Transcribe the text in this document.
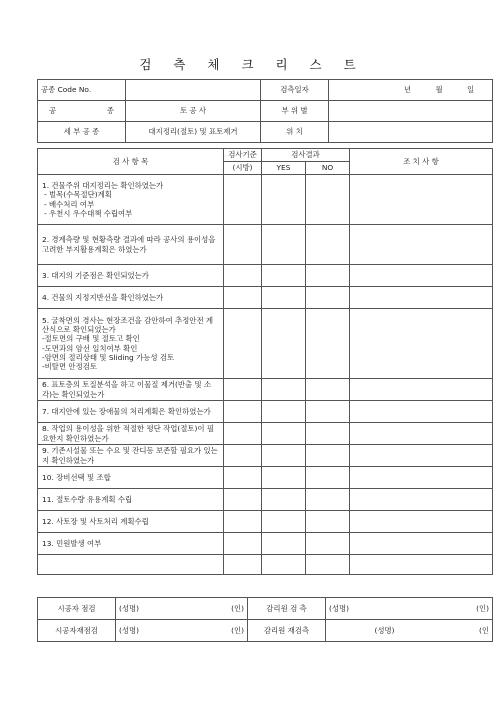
검 측 체 크 리 스 트
공종 Code No.		검측일자	년 월 일

공 종	토 공 사	부 위 별	
세 부 공 종	대지정리(절토) 및 표토제거	위 치	
검 사 항 목	검사기준	검사결과		조 치 사 항
	(시방)	YES	NO	

1. 건물주위 대지정리는 확인하였는가
- 벌목(수목절단)계획
- 배수처리 여부
- 우천시 우수대책 수립여부				

2. 경계측량 및 현황측량 결과에 따라 공사의 용이성을 고려한 부지활용계획은 하였는가				

3. 대지의 기준점은 확인되었는가				

4. 건물의 지정지반선을 확인하였는가				

5. 굴착면의 경사는 현장조건을 감안하여 추정안전 계산식으로 확인되었는가
-절토면의 구배 및 절토고 확인
-도면과의 암선 일치여부 확인
-암면의 절리상태 및 Sliding 가능성 검토
-비탈면 안정검토				

6. 표토층의 토질분석을 하고 이물질 제거(반출 및 소각)는 확인되었는가				

7. 대지안에 있는 장애물의 처리계획은 확인하였는가				

8. 작업의 용이성을 위한 적절한 평단 작업(절토)이 필요한지 확인하였는가				

9. 기존시설물 또는 수요 및 잔디등 보존할 필요가 있는지 확인하였는가				

10. 장비선택 및 조합				

11. 절토수량 유용계획 수립				

12. 사토장 및 사토처리 계획수립				

13. 민원발생 여부				

시공자 점검	(성명)	(인)	감리원 검 측	(성명)	(인)
시공자재점검	(성명)	(인)	감리원 재검측	(성명)	(인
